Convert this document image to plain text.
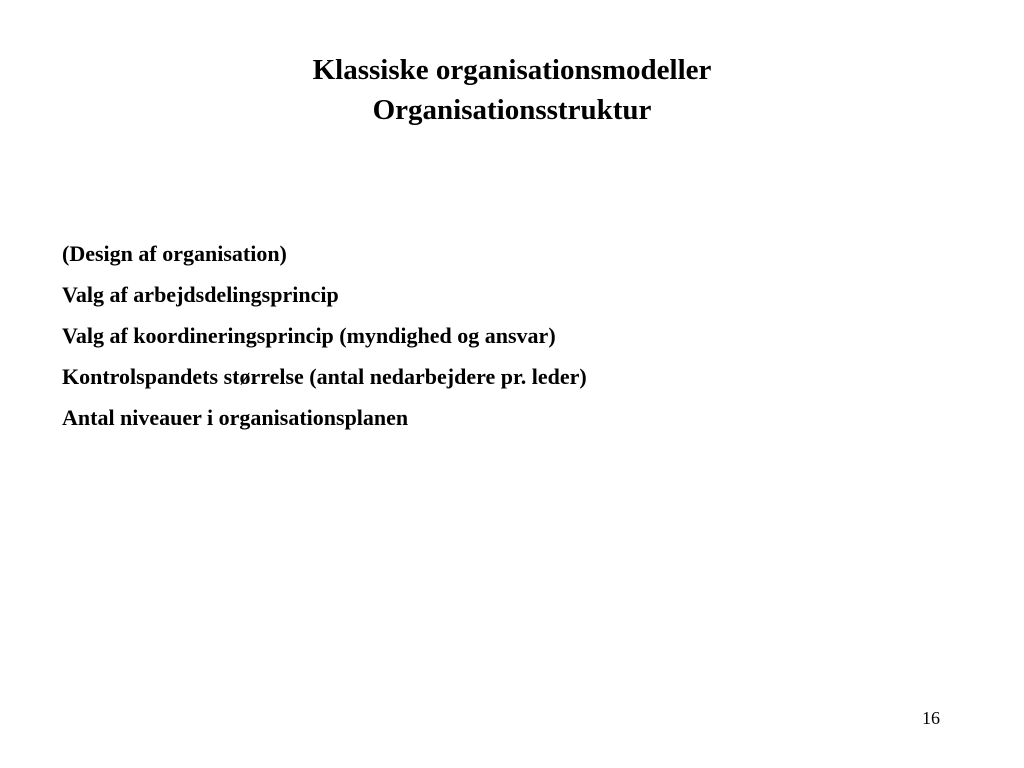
Klassiske organisationsmodeller

Organisationsstruktur

(Design af organisation)
Valg af arbejdsdelingsprincip
Valg af koordineringsprincip (myndighed og ansvar)
Kontrolspandets størrelse (antal nedarbejdere pr. leder)
Antal niveauer i organisationsplanen
16
